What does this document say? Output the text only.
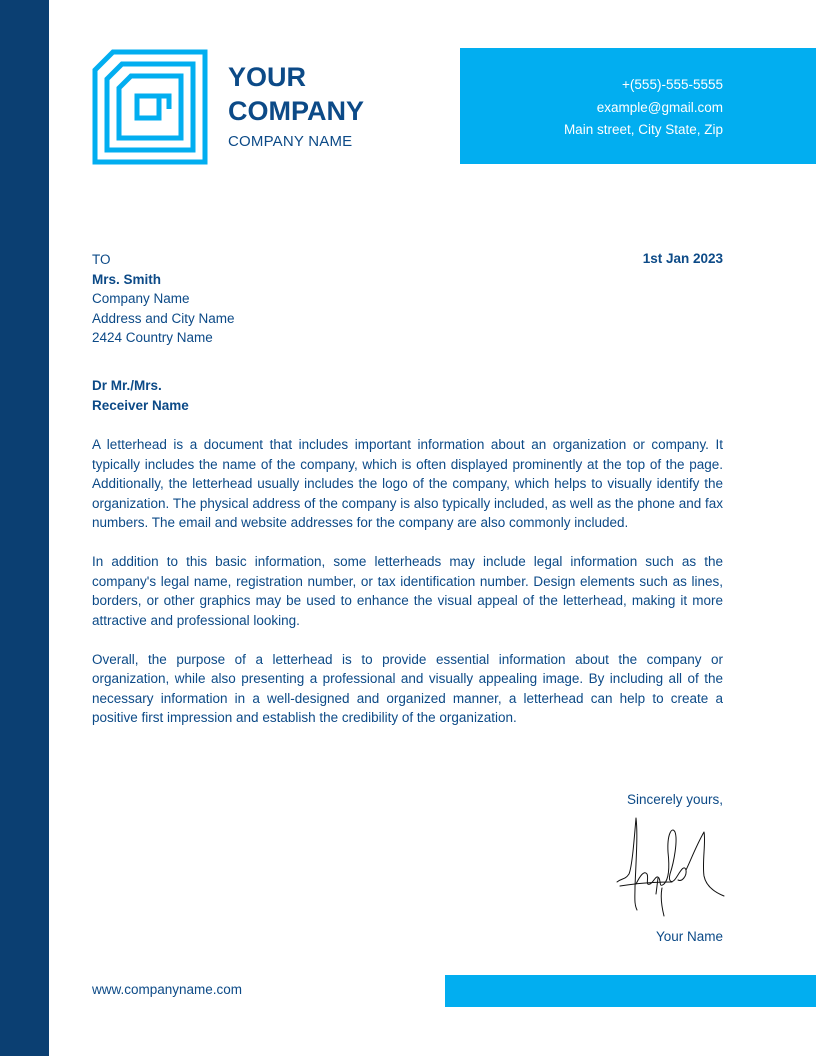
YOUR
COMPANY
COMPANY NAME
+(555)-555-5555
example@gmail.com
Main street, City State, Zip
TO
Mrs. Smith
Company Name
Address and City Name
2424 Country Name
1st Jan 2023
Dr Mr./Mrs.
Receiver Name

A letterhead is a document that includes important information about an organization or company. It typically includes the name of the company, which is often displayed prominently at the top of the page. Additionally, the letterhead usually includes the logo of the company, which helps to visually identify the organization. The physical address of the company is also typically included, as well as the phone and fax numbers. The email and website addresses for the company are also commonly included.

In addition to this basic information, some letterheads may include legal information such as the company's legal name, registration number, or tax identification number. Design elements such as lines, borders, or other graphics may be used to enhance the visual appeal of the letterhead, making it more attractive and professional looking.

Overall, the purpose of a letterhead is to provide essential information about the company or organization, while also presenting a professional and visually appealing image. By including all of the necessary information in a well-designed and organized manner, a letterhead can help to create a positive first impression and establish the credibility of the organization.

Sincerely yours,
Your Name
www.companyname.com
